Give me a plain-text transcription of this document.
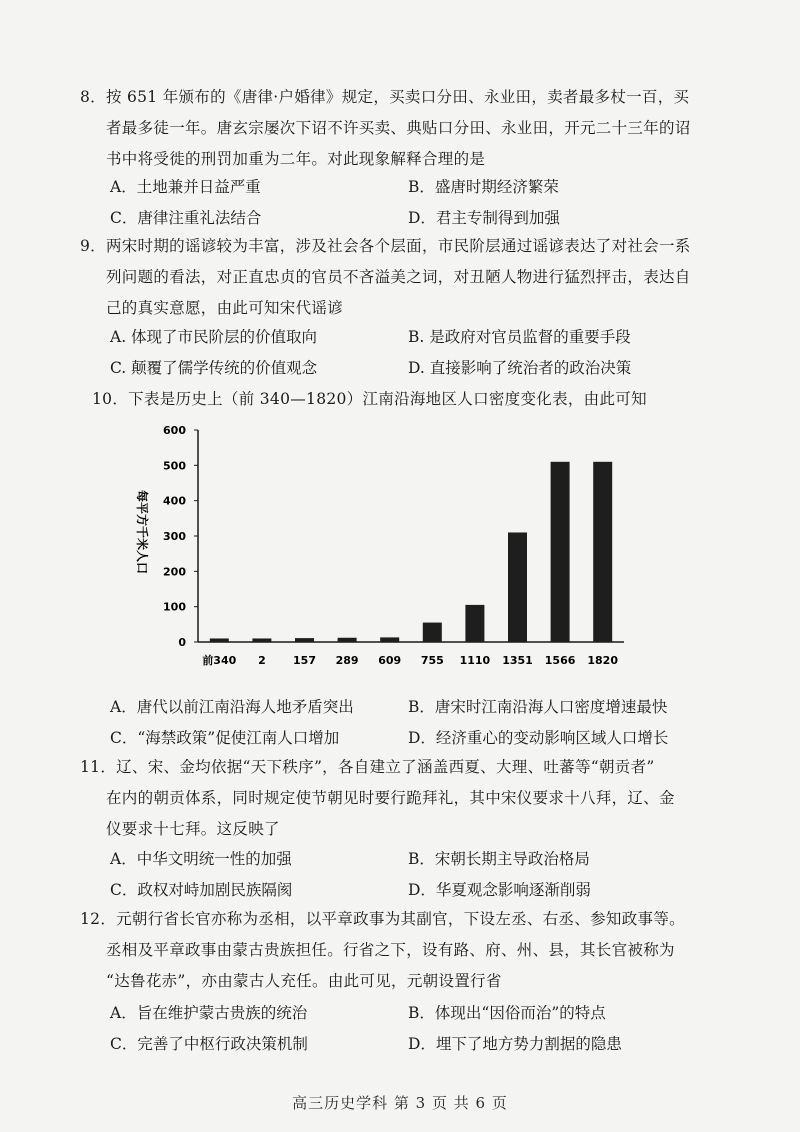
8．按 651 年颁布的《唐律·户婚律》规定，买卖口分田、永业田，卖者最多杖一百，买
者最多徒一年。唐玄宗屡次下诏不许买卖、典贴口分田、永业田，开元二十三年的诏
书中将受徙的刑罚加重为二年。对此现象解释合理的是
A．土地兼并日益严重	B．盛唐时期经济繁荣
C．唐律注重礼法结合	D．君主专制得到加强
9．两宋时期的谣谚较为丰富，涉及社会各个层面，市民阶层通过谣谚表达了对社会一系
列问题的看法，对正直忠贞的官员不吝溢美之词，对丑陋人物进行猛烈抨击，表达自
己的真实意愿，由此可知宋代谣谚
A. 体现了市民阶层的价值取向	B. 是政府对官员监督的重要手段
C. 颠覆了儒学传统的价值观念	D. 直接影响了统治者的政治决策
10．下表是历史上（前 340—1820）江南沿海地区人口密度变化表，由此可知
每平方千米人口
0
100
200
300
400
500
600
前340 2 157 289 609 755 1110 1351 1566 1820
A．唐代以前江南沿海人地矛盾突出	B．唐宋时江南沿海人口密度增速最快
C．“海禁政策”促使江南人口增加	D．经济重心的变动影响区域人口增长
11．辽、宋、金均依据“天下秩序”，各自建立了涵盖西夏、大理、吐蕃等“朝贡者”
在内的朝贡体系，同时规定使节朝见时要行跪拜礼，其中宋仪要求十八拜，辽、金
仪要求十七拜。这反映了
A．中华文明统一性的加强	B．宋朝长期主导政治格局
C．政权对峙加剧民族隔阂	D．华夏观念影响逐渐削弱
12．元朝行省长官亦称为丞相，以平章政事为其副官，下设左丞、右丞、参知政事等。
丞相及平章政事由蒙古贵族担任。行省之下，设有路、府、州、县，其长官被称为
“达鲁花赤”，亦由蒙古人充任。由此可见，元朝设置行省
A．旨在维护蒙古贵族的统治	B．体现出“因俗而治”的特点
C．完善了中枢行政决策机制	D．埋下了地方势力割据的隐患
高三历史学科 第 3 页 共 6 页
